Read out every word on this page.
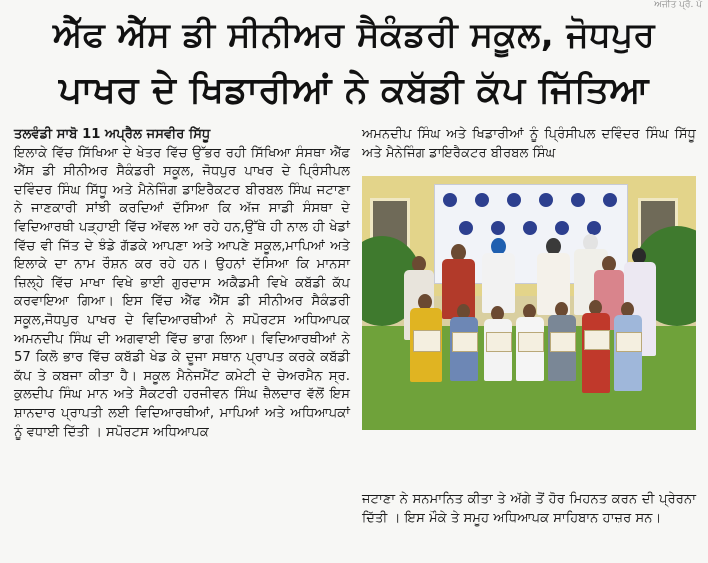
ਅਜੀਤ ਪ੍ਰੋ. ਪੇ
ਐੱਫ ਐੱਸ ਡੀ ਸੀਨੀਅਰ ਸੈਕੰਡਰੀ ਸਕੂਲ, ਜੋਧਪੁਰ
ਪਾਖਰ ਦੇ ਖਿਡਾਰੀਆਂ ਨੇ ਕਬੱਡੀ ਕੱਪ ਜਿੱਤਿਆ

ਤਲਵੰਡੀ ਸਾਬੋ 11 ਅਪ੍ਰੈਲ ਜਸਵੀਰ ਸਿੱਧੂ

ਇਲਾਕੇ ਵਿੱਚ ਸਿੱਖਿਆ ਦੇ ਖੇਤਰ ਵਿੱਚ ਉੱਭਰ ਰਹੀ ਸਿੱਖਿਆ ਸੰਸਥਾ ਐੱਫ ਐੱਸ ਡੀ ਸੀਨੀਅਰ ਸੈਕੰਡਰੀ ਸਕੂਲ, ਜੋਧਪੁਰ ਪਾਖਰ ਦੇ ਪ੍ਰਿੰਸੀਪਲ ਦਵਿੰਦਰ ਸਿੰਘ ਸਿੱਧੂ ਅਤੇ ਮੈਨੇਜਿੰਗ ਡਾਇਰੈਕਟਰ ਬੀਰਬਲ ਸਿੰਘ ਜਟਾਣਾ ਨੇ ਜਾਣਕਾਰੀ ਸਾਂਝੀ ਕਰਦਿਆਂ ਦੱਸਿਆ ਕਿ ਅੱਜ ਸਾਡੀ ਸੰਸਥਾ ਦੇ ਵਿਦਿਆਰਥੀ ਪੜ੍ਹਾਈ ਵਿੱਚ ਅੱਵਲ ਆ ਰਹੇ ਹਨ,ਉੱਥੇ ਹੀ ਨਾਲ ਹੀ ਖੇਡਾਂ ਵਿੱਚ ਵੀ ਜਿੱਤ ਦੇ ਝੰਡੇ ਗੱਡਕੇ ਆਪਣਾ ਅਤੇ ਆਪਣੇ ਸਕੂਲ,ਮਾਪਿਆਂ ਅਤੇ ਇਲਾਕੇ ਦਾ ਨਾਮ ਰੌਸ਼ਨ ਕਰ ਰਹੇ ਹਨ। ਉਹਨਾਂ ਦੱਸਿਆ ਕਿ ਮਾਨਸਾ ਜ਼ਿਲ੍ਹੇ ਵਿੱਚ ਮਾਖਾ ਵਿਖੇ ਭਾਈ ਗੁਰਦਾਸ ਅਕੈਡਮੀ ਵਿਖੇ ਕਬੱਡੀ ਕੱਪ ਕਰਵਾਇਆ ਗਿਆ। ਇਸ ਵਿੱਚ ਐੱਫ ਐੱਸ ਡੀ ਸੀਨੀਅਰ ਸੈਕੰਡਰੀ ਸਕੂਲ,ਜੋਧਪੁਰ ਪਾਖਰ ਦੇ ਵਿਦਿਆਰਥੀਆਂ ਨੇ ਸਪੋਰਟਸ ਅਧਿਆਪਕ ਅਮਨਦੀਪ ਸਿੰਘ ਦੀ ਅਗਵਾਈ ਵਿੱਚ ਭਾਗ ਲਿਆ। ਵਿਦਿਆਰਥੀਆਂ ਨੇ 57 ਕਿਲੋ ਭਾਰ ਵਿੱਚ ਕਬੱਡੀ ਖੇਡ ਕੇ ਦੂਜਾ ਸਥਾਨ ਪ੍ਰਾਪਤ ਕਰਕੇ ਕਬੱਡੀ ਕੱਪ ਤੇ ਕਬਜਾ ਕੀਤਾ ਹੈ। ਸਕੂਲ ਮੈਨੇਜਮੈਂਟ ਕਮੇਟੀ ਦੇ ਚੇਅਰਮੈਨ ਸ੍ਰ. ਕੁਲਦੀਪ ਸਿੰਘ ਮਾਨ ਅਤੇ ਸੈਕਟਰੀ ਹਰਜੀਵਨ ਸਿੰਘ ਜ਼ੈਲਦਾਰ ਵੱਲੋਂ ਇਸ ਸ਼ਾਨਦਾਰ ਪ੍ਰਾਪਤੀ ਲਈ ਵਿਦਿਆਰਥੀਆਂ, ਮਾਪਿਆਂ ਅਤੇ ਅਧਿਆਪਕਾਂ ਨੂੰ ਵਧਾਈ ਦਿੱਤੀ । ਸਪੋਰਟਸ ਅਧਿਆਪਕ

ਅਮਨਦੀਪ ਸਿੰਘ ਅਤੇ ਖਿਡਾਰੀਆਂ ਨੂੰ ਪ੍ਰਿੰਸੀਪਲ ਦਵਿੰਦਰ ਸਿੰਘ ਸਿੱਧੂ ਅਤੇ ਮੈਨੇਜਿੰਗ ਡਾਇਰੈਕਟਰ ਬੀਰਬਲ ਸਿੰਘ

ਜਟਾਣਾ ਨੇ ਸਨਮਾਨਿਤ ਕੀਤਾ ਤੇ ਅੱਗੇ ਤੋਂ ਹੋਰ ਮਿਹਨਤ ਕਰਨ ਦੀ ਪ੍ਰੇਰਨਾ ਦਿੱਤੀ । ਇਸ ਮੌਕੇ ਤੇ ਸਮੂਹ ਅਧਿਆਪਕ ਸਾਹਿਬਾਨ ਹਾਜ਼ਰ ਸਨ।
